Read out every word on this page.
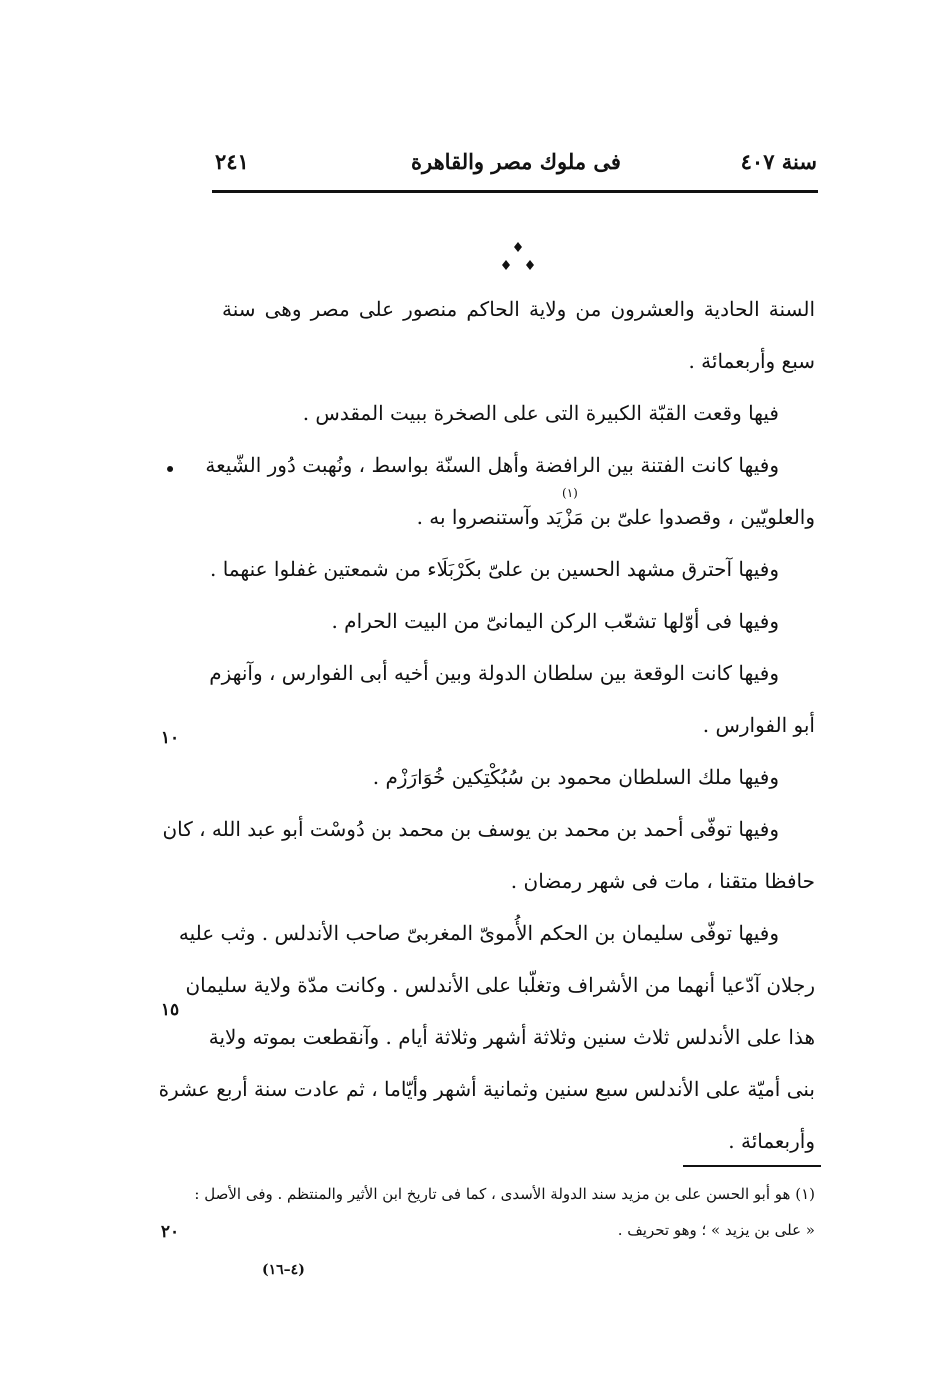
سنة ٤٠٧
فى ملوك مصر والقاهرة
٢٤١
السنة الحادية والعشرون من ولاية الحاكم منصور على مصر وهى سنة
سبع وأربعمائة .
فيها وقعت القبّة الكبيرة التى على الصخرة ببيت المقدس .
وفيها كانت الفتنة بين الرافضة وأهل السنّة بواسط ، ونُهبت دُور الشّيعة
والعلويّين ، وقصدوا علىّ بن مَزْيَد وآستنصروا به .
وفيها آحترق مشهد الحسين بن علىّ بكَرْبَلَاء من شمعتين غفلوا عنهما .
وفيها فى أوّلها تشعّب الركن اليمانىّ من البيت الحرام .
وفيها كانت الوقعة بين سلطان الدولة وبين أخيه أبى الفوارس ، وآنهزم
أبو الفوارس .
وفيها ملك السلطان محمود بن سُبُكْتِكين خُوَارَزْم .
وفيها توفّى أحمد بن محمد بن يوسف بن محمد بن دُوسْت أبو عبد الله ، كان
حافظا متقنا ، مات فى شهر رمضان .
وفيها توفّى سليمان بن الحكم الأُموىّ المغربىّ صاحب الأندلس . وثب عليه
رجلان آدّعيا أنهما من الأشراف وتغلّبا على الأندلس . وكانت مدّة ولاية سليمان
هذا على الأندلس ثلاث سنين وثلاثة أشهر وثلاثة أيام . وآنقطعت بموته ولاية
بنى أميّة على الأندلس سبع سنين وثمانية أشهر وأيّاما ، ثم عادت سنة أربع عشرة
وأربعمائة .
(١)
•
١٠
١٥
٢٠
(١) هو أبو الحسن على بن مزيد سند الدولة الأسدى ، كما فى تاريخ ابن الأثير والمنتظم . وفى الأصل :
« على بن يزيد » ؛ وهو تحريف .
(٤–١٦)
